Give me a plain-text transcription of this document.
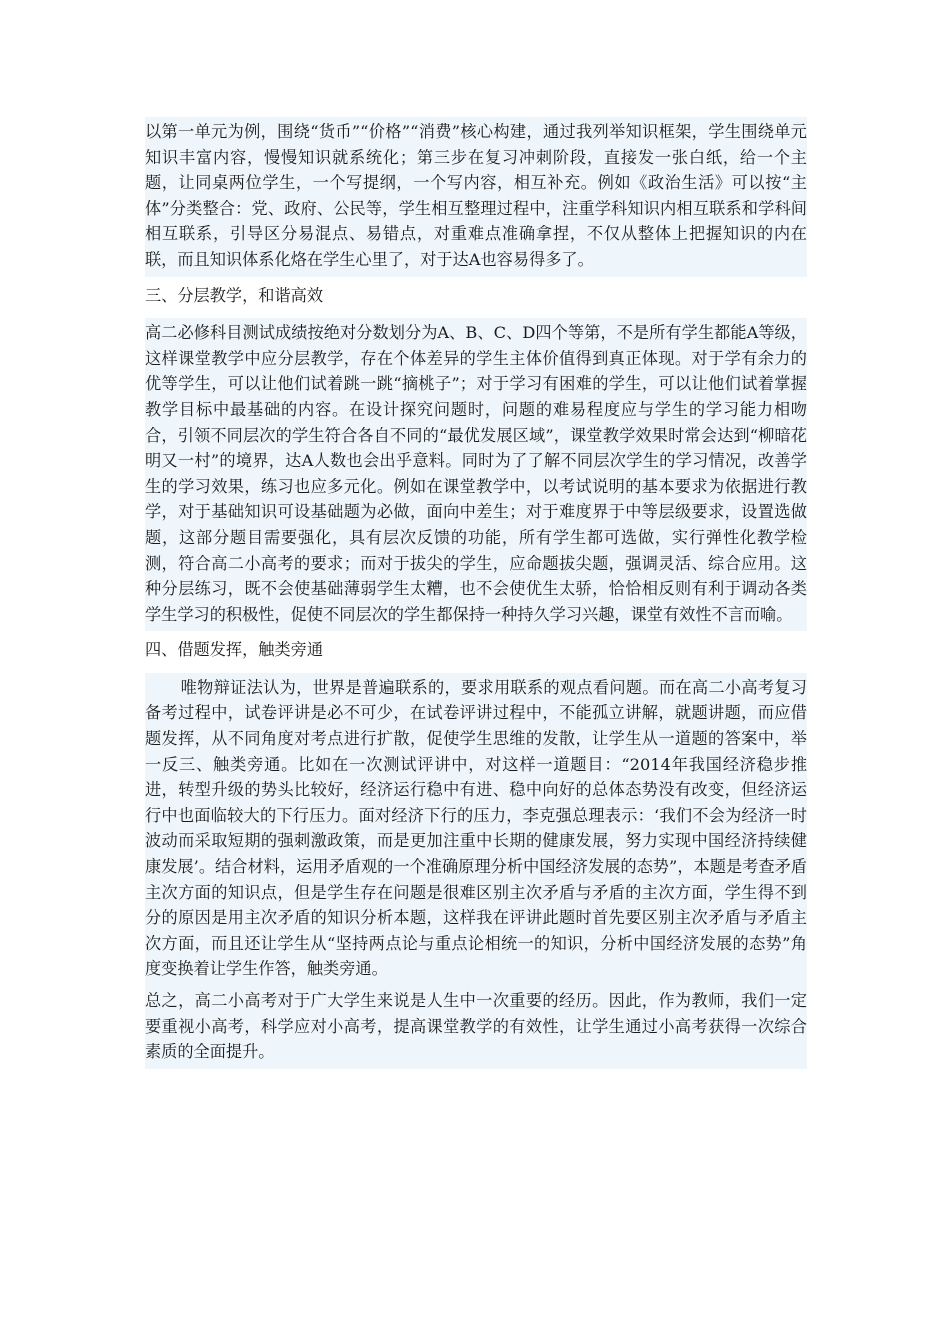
以第一单元为例，围绕“货币”“价格”“消费”核心构建，通过我列举知识框架，学生围绕单元知识丰富内容，慢慢知识就系统化；第三步在复习冲刺阶段，直接发一张白纸，给一个主题，让同桌两位学生，一个写提纲，一个写内容，相互补充。例如《政治生活》可以按“主体”分类整合：党、政府、公民等，学生相互整理过程中，注重学科知识内相互联系和学科间相互联系，引导区分易混点、易错点，对重难点准确拿捏，不仅从整体上把握知识的内在联，而且知识体系化烙在学生心里了，对于达A也容易得多了。

三、分层教学，和谐高效

高二必修科目测试成绩按绝对分数划分为A、B、C、D四个等第，不是所有学生都能A等级，这样课堂教学中应分层教学，存在个体差异的学生主体价值得到真正体现。对于学有余力的优等学生，可以让他们试着跳一跳“摘桃子”；对于学习有困难的学生，可以让他们试着掌握教学目标中最基础的内容。在设计探究问题时，问题的难易程度应与学生的学习能力相吻合，引领不同层次的学生符合各自不同的“最优发展区域”，课堂教学效果时常会达到“柳暗花明又一村”的境界，达A人数也会出乎意料。同时为了了解不同层次学生的学习情况，改善学生的学习效果，练习也应多元化。例如在课堂教学中，以考试说明的基本要求为依据进行教学，对于基础知识可设基础题为必做，面向中差生；对于难度界于中等层级要求，设置选做题，这部分题目需要强化，具有层次反馈的功能，所有学生都可选做，实行弹性化教学检测，符合高二小高考的要求；而对于拔尖的学生，应命题拔尖题，强调灵活、综合应用。这种分层练习，既不会使基础薄弱学生太糟，也不会使优生太骄，恰恰相反则有利于调动各类学生学习的积极性，促使不同层次的学生都保持一种持久学习兴趣，课堂有效性不言而喻。

四、借题发挥，触类旁通

唯物辩证法认为，世界是普遍联系的，要求用联系的观点看问题。而在高二小高考复习备考过程中，试卷评讲是必不可少，在试卷评讲过程中，不能孤立讲解，就题讲题，而应借题发挥，从不同角度对考点进行扩散，促使学生思维的发散，让学生从一道题的答案中，举一反三、触类旁通。比如在一次测试评讲中，对这样一道题目：“2014年我国经济稳步推进，转型升级的势头比较好，经济运行稳中有进、稳中向好的总体态势没有改变，但经济运行中也面临较大的下行压力。面对经济下行的压力，李克强总理表示：‘我们不会为经济一时波动而采取短期的强刺激政策，而是更加注重中长期的健康发展，努力实现中国经济持续健康发展’。结合材料，运用矛盾观的一个准确原理分析中国经济发展的态势”，本题是考查矛盾主次方面的知识点，但是学生存在问题是很难区别主次矛盾与矛盾的主次方面，学生得不到分的原因是用主次矛盾的知识分析本题，这样我在评讲此题时首先要区别主次矛盾与矛盾主次方面，而且还让学生从“坚持两点论与重点论相统一的知识，分析中国经济发展的态势”角度变换着让学生作答，触类旁通。

总之，高二小高考对于广大学生来说是人生中一次重要的经历。因此，作为教师，我们一定要重视小高考，科学应对小高考，提高课堂教学的有效性，让学生通过小高考获得一次综合素质的全面提升。
